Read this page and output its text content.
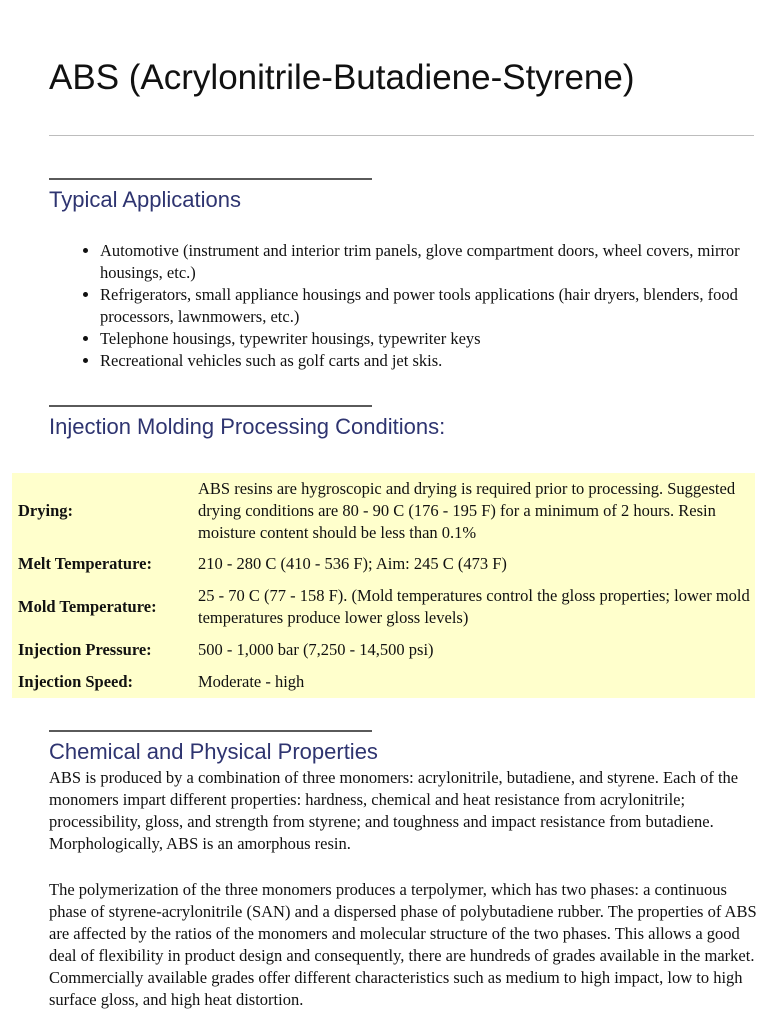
ABS (Acrylonitrile-Butadiene-Styrene)
Typical Applications
• Automotive (instrument and interior trim panels, glove compartment doors, wheel covers, mirror housings, etc.)
• Refrigerators, small appliance housings and power tools applications (hair dryers, blenders, food processors, lawnmowers, etc.)
• Telephone housings, typewriter housings, typewriter keys
• Recreational vehicles such as golf carts and jet skis.
Injection Molding Processing Conditions:
Drying:	ABS resins are hygroscopic and drying is required prior to processing. Suggested drying conditions are 80 - 90 C (176 - 195 F) for a minimum of 2 hours. Resin moisture content should be less than 0.1%
Melt Temperature:	210 - 280 C (410 - 536 F); Aim: 245 C (473 F)
Mold Temperature:	25 - 70 C (77 - 158 F). (Mold temperatures control the gloss properties; lower mold temperatures produce lower gloss levels)
Injection Pressure:	500 - 1,000 bar (7,250 - 14,500 psi)
Injection Speed:	Moderate - high
Chemical and Physical Properties

ABS is produced by a combination of three monomers: acrylonitrile, butadiene, and styrene. Each of the monomers impart different properties: hardness, chemical and heat resistance from acrylonitrile; processibility, gloss, and strength from styrene; and toughness and impact resistance from butadiene. Morphologically, ABS is an amorphous resin.

The polymerization of the three monomers produces a terpolymer, which has two phases: a continuous phase of styrene-acrylonitrile (SAN) and a dispersed phase of polybutadiene rubber. The properties of ABS are affected by the ratios of the monomers and molecular structure of the two phases. This allows a good deal of flexibility in product design and consequently, there are hundreds of grades available in the market. Commercially available grades offer different characteristics such as medium to high impact, low to high surface gloss, and high heat distortion.
